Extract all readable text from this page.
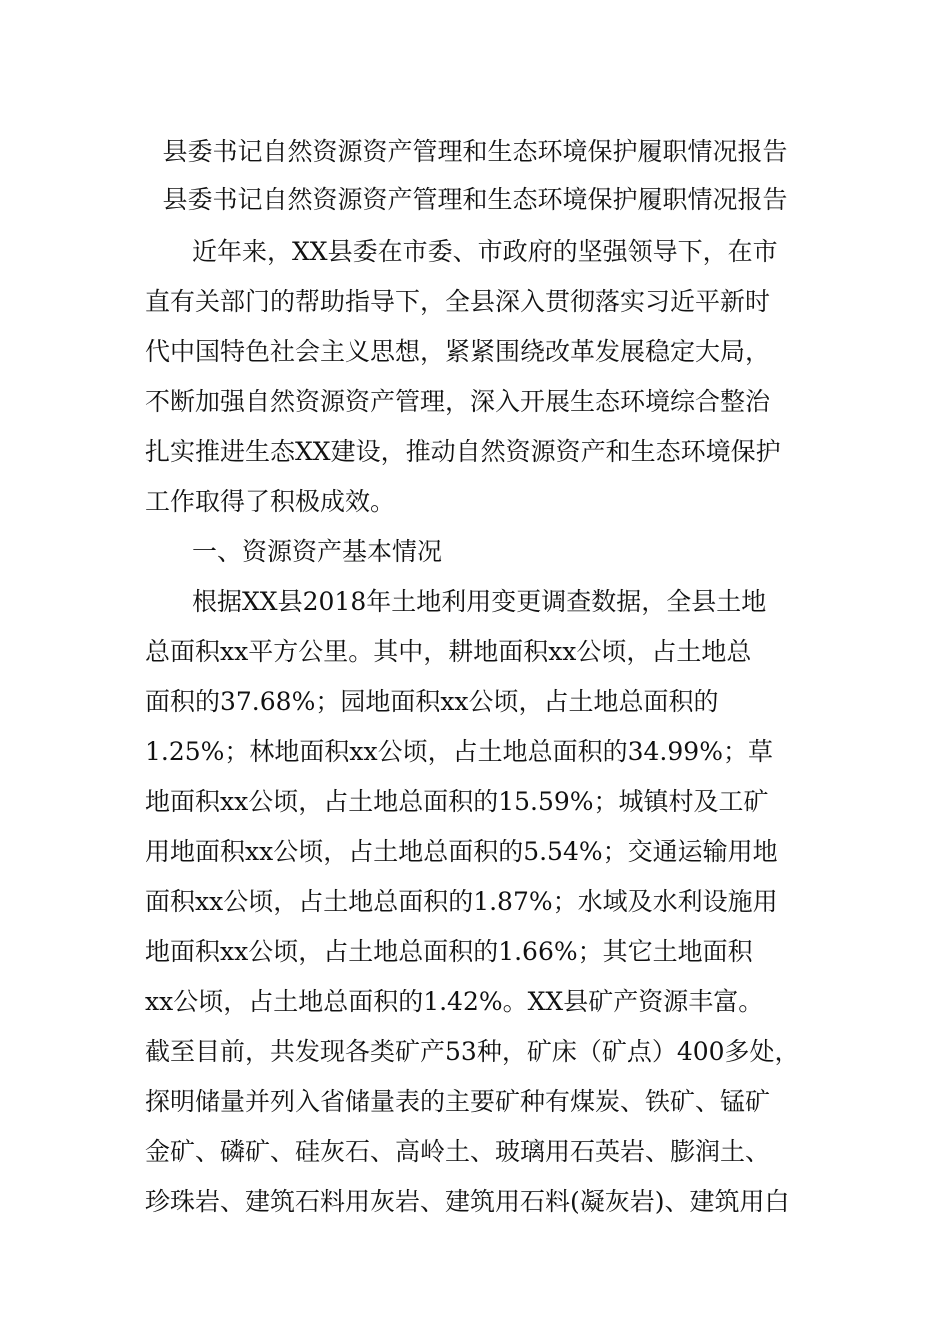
县委书记自然资源资产管理和生态环境保护履职情况报告
县委书记自然资源资产管理和生态环境保护履职情况报告
近年来，XX县委在市委、市政府的坚强领导下，在市
直有关部门的帮助指导下，全县深入贯彻落实习近平新时
代中国特色社会主义思想，紧紧围绕改革发展稳定大局，
不断加强自然资源资产管理，深入开展生态环境综合整治
扎实推进生态XX建设，推动自然资源资产和生态环境保护
工作取得了积极成效。
一、资源资产基本情况
根据XX县2018年土地利用变更调查数据，全县土地
总面积xx平方公里。其中，耕地面积xx公顷，占土地总
面积的37.68%；园地面积xx公顷，占土地总面积的
1.25%；林地面积xx公顷，占土地总面积的34.99%；草
地面积xx公顷，占土地总面积的15.59%；城镇村及工矿
用地面积xx公顷，占土地总面积的5.54%；交通运输用地
面积xx公顷，占土地总面积的1.87%；水域及水利设施用
地面积xx公顷，占土地总面积的1.66%；其它土地面积
xx公顷，占土地总面积的1.42%。XX县矿产资源丰富。
截至目前，共发现各类矿产53种，矿床（矿点）400多处，
探明储量并列入省储量表的主要矿种有煤炭、铁矿、锰矿
金矿、磷矿、硅灰石、高岭土、玻璃用石英岩、膨润土、
珍珠岩、建筑石料用灰岩、建筑用石料(凝灰岩)、建筑用白
